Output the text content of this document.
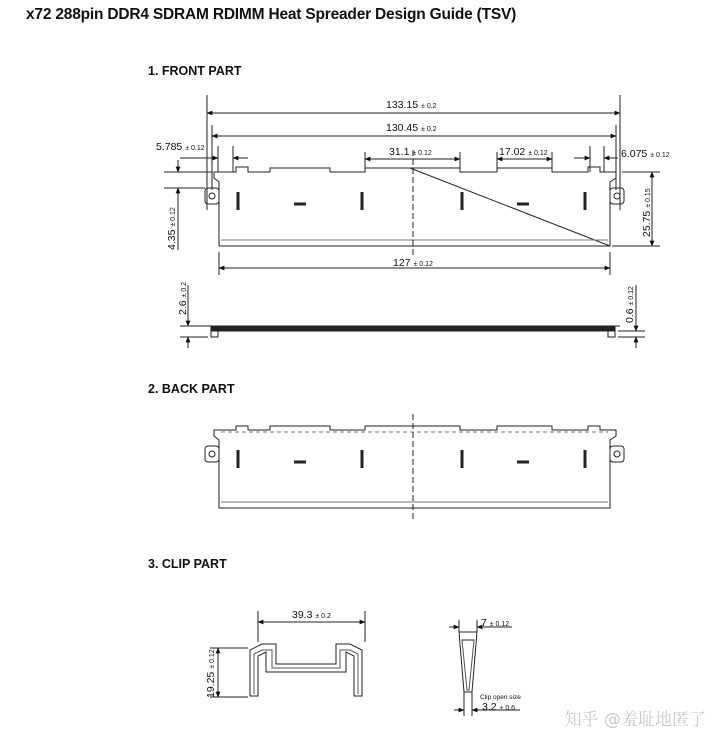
x72 288pin DDR4 SDRAM RDIMM Heat Spreader Design Guide (TSV)
1. FRONT PART
2. BACK PART
3. CLIP PART
133.15 ± 0.2
130.45 ± 0.2
5.785 ± 0.12	31.1 ± 0.12	17.02 ± 0.12	6.075 ± 0.12
127 ± 0.12
4.35 ± 0.12	25.75 ± 0.15
2.6 ± 0.2
0.6 ± 0.12
39.3 ± 0.2
19.25 ± 0.12
7 ± 0.12
Clip open size
3.2 ± 0.6
知乎 @羞耻地匿了
